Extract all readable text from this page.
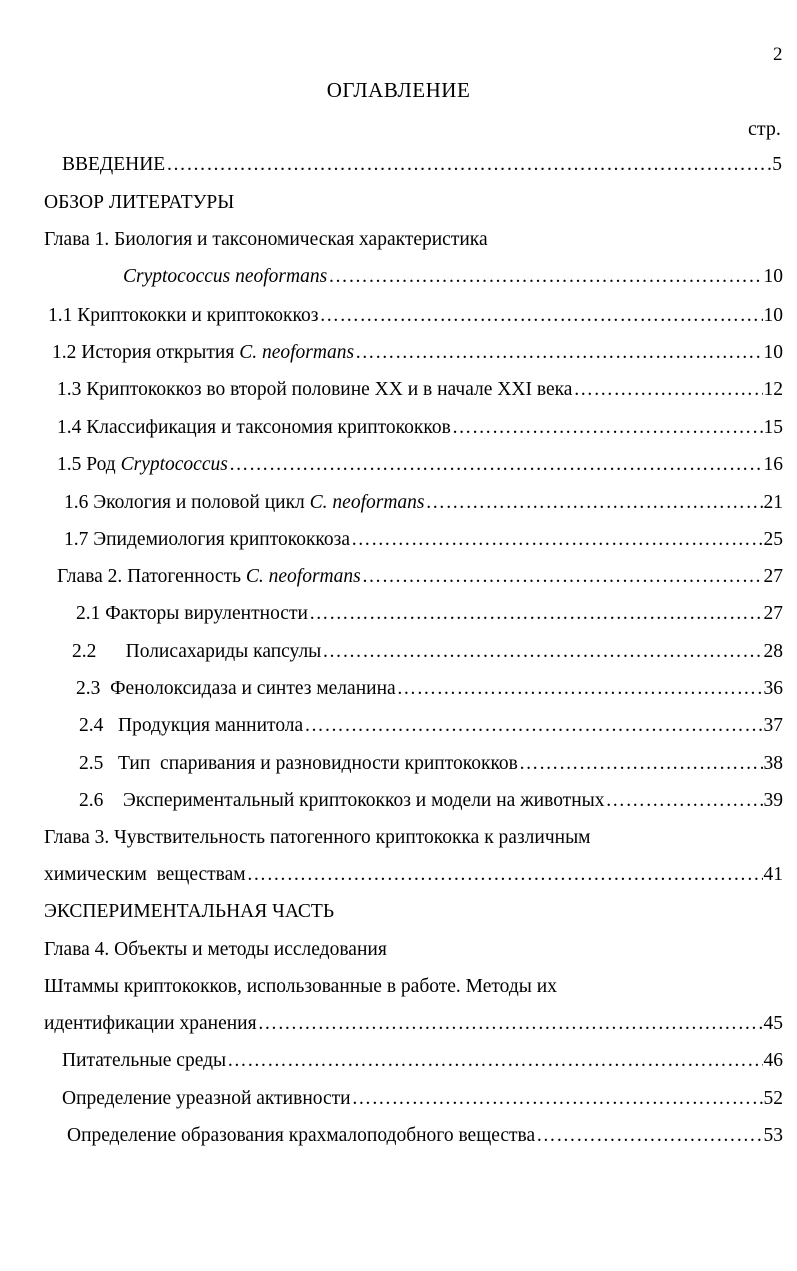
2
ОГЛАВЛЕНИЕ
стр.
ВВЕДЕНИЕ …………………………………………………………………………………………………………………………………………………………	5
ОБЗОР ЛИТЕРАТУРЫ
Глава 1. Биология и таксономическая характеристика
Cryptococcus neoformans …………………………………………………………………………………………………………………………………………………………	10
1.1 Криптококки и криптококкоз …………………………………………………………………………………………………………………………………………………………	10
1.2 История открытия C. neoformans …………………………………………………………………………………………………………………………………………………………	10
1.3 Криптококкоз во второй половине XX и в начале XXI века …………………………………………………………………………………………………………………………………………………………	12
1.4 Классификация и таксономия криптококков …………………………………………………………………………………………………………………………………………………………	15
1.5 Род Cryptococcus …………………………………………………………………………………………………………………………………………………………	16
1.6 Экология и половой цикл C. neoformans …………………………………………………………………………………………………………………………………………………………	21
1.7 Эпидемиология криптококкоза …………………………………………………………………………………………………………………………………………………………	25
Глава 2. Патогенность C. neoformans …………………………………………………………………………………………………………………………………………………………	27
2.1 Факторы вирулентности …………………………………………………………………………………………………………………………………………………………	27
2.2      Полисахариды капсулы …………………………………………………………………………………………………………………………………………………………	28
2.3  Фенолоксидаза и синтез меланина …………………………………………………………………………………………………………………………………………………………	36
2.4   Продукция маннитола …………………………………………………………………………………………………………………………………………………………	37
2.5   Тип  спаривания и разновидности криптококков …………………………………………………………………………………………………………………………………………………………	38
2.6    Экспериментальный криптококкоз и модели на животных …………………………………………………………………………………………………………………………………………………………	39
Глава 3. Чувствительность патогенного криптококка к различным
химическим  веществам …………………………………………………………………………………………………………………………………………………………	41
ЭКСПЕРИМЕНТАЛЬНАЯ ЧАСТЬ
Глава 4. Объекты и методы исследования
Штаммы криптококков, использованные в работе. Методы их
идентификации хранения …………………………………………………………………………………………………………………………………………………………	45
Питательные среды …………………………………………………………………………………………………………………………………………………………	46
Определение уреазной активности …………………………………………………………………………………………………………………………………………………………	52
Определение образования крахмалоподобного вещества …………………………………………………………………………………………………………………………………………………………	53
